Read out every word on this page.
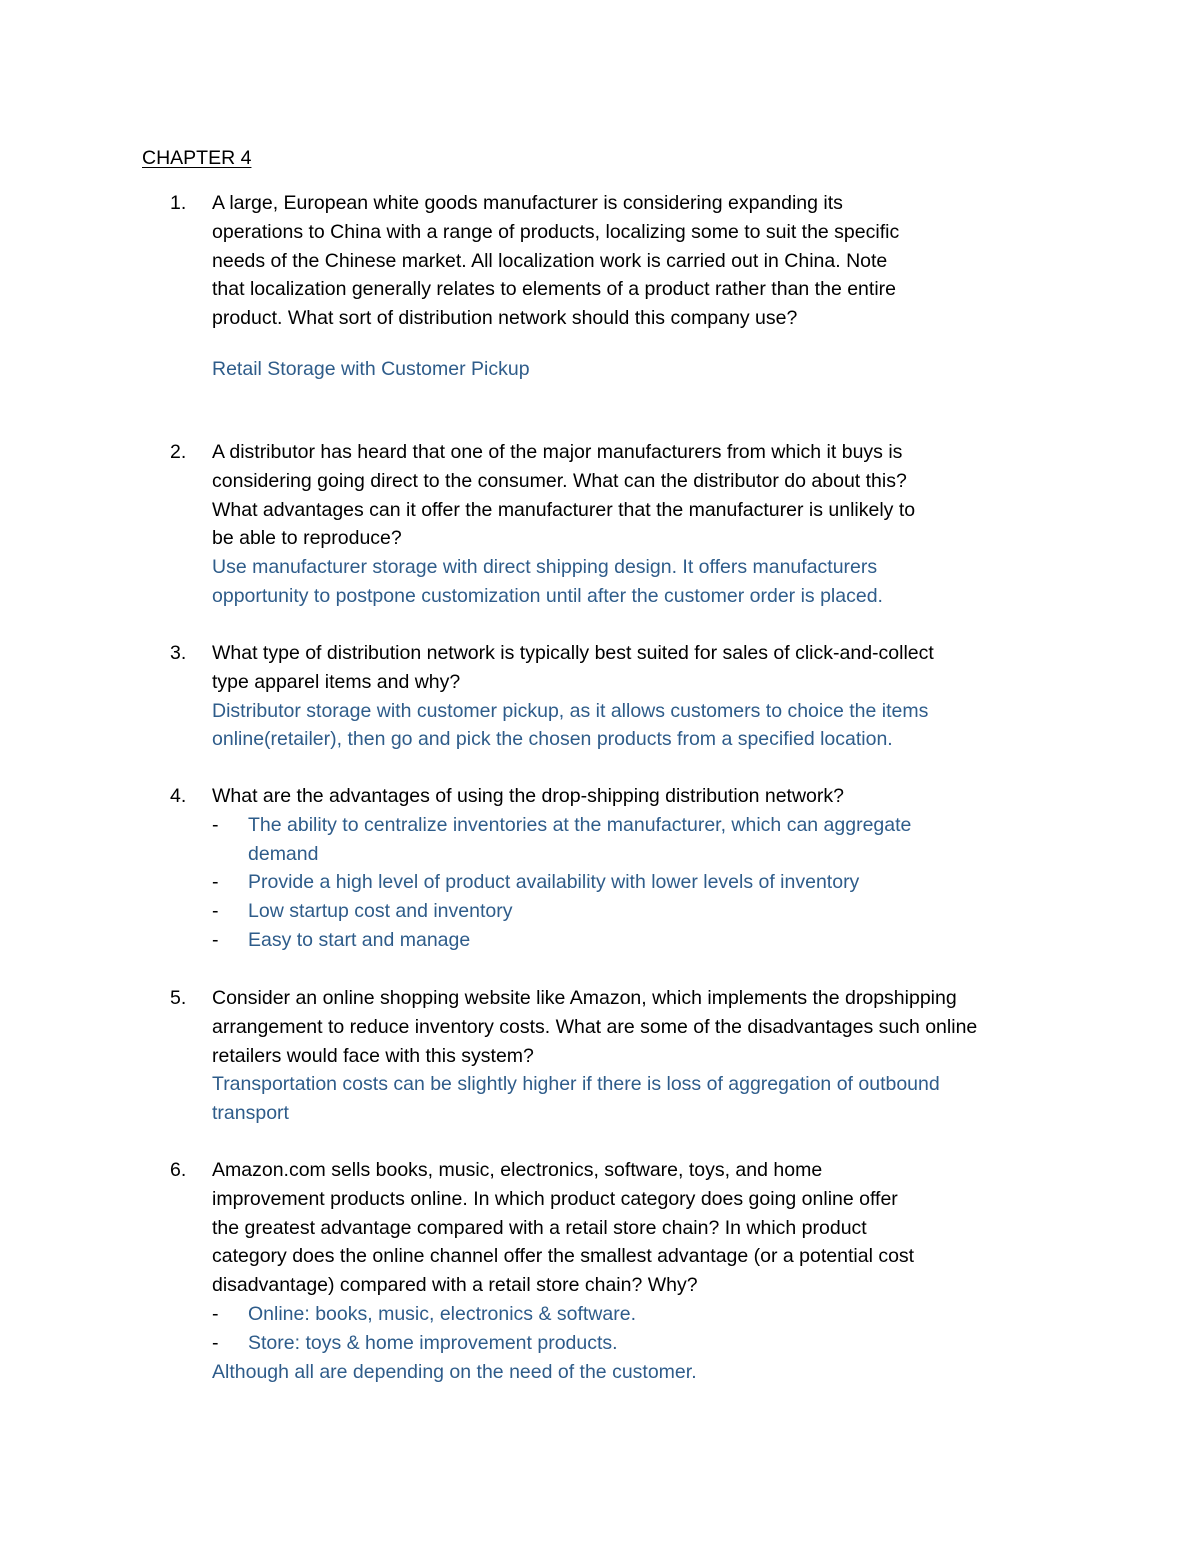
CHAPTER 4
1.	A large, European white goods manufacturer is considering expanding its
operations to China with a range of products, localizing some to suit the specific
needs of the Chinese market. All localization work is carried out in China. Note
that localization generally relates to elements of a product rather than the entire
product. What sort of distribution network should this company use?
Retail Storage with Customer Pickup
2.	A distributor has heard that one of the major manufacturers from which it buys is
considering going direct to the consumer. What can the distributor do about this?
What advantages can it offer the manufacturer that the manufacturer is unlikely to
be able to reproduce?
Use manufacturer storage with direct shipping design. It offers manufacturers
opportunity to postpone customization until after the customer order is placed.
3.	What type of distribution network is typically best suited for sales of click-and-collect
type apparel items and why?
Distributor storage with customer pickup, as it allows customers to choice the items
online(retailer), then go and pick the chosen products from a specified location.
4.	What are the advantages of using the drop-shipping distribution network?
- The ability to centralize inventories at the manufacturer, which can aggregate
demand
- Provide a high level of product availability with lower levels of inventory
- Low startup cost and inventory
- Easy to start and manage
5.	Consider an online shopping website like Amazon, which implements the dropshipping
arrangement to reduce inventory costs. What are some of the disadvantages such online
retailers would face with this system?
Transportation costs can be slightly higher if there is loss of aggregation of outbound
transport
6.	Amazon.com sells books, music, electronics, software, toys, and home
improvement products online. In which product category does going online offer
the greatest advantage compared with a retail store chain? In which product
category does the online channel offer the smallest advantage (or a potential cost
disadvantage) compared with a retail store chain? Why?
- Online: books, music, electronics & software.
- Store: toys & home improvement products.
Although all are depending on the need of the customer.
